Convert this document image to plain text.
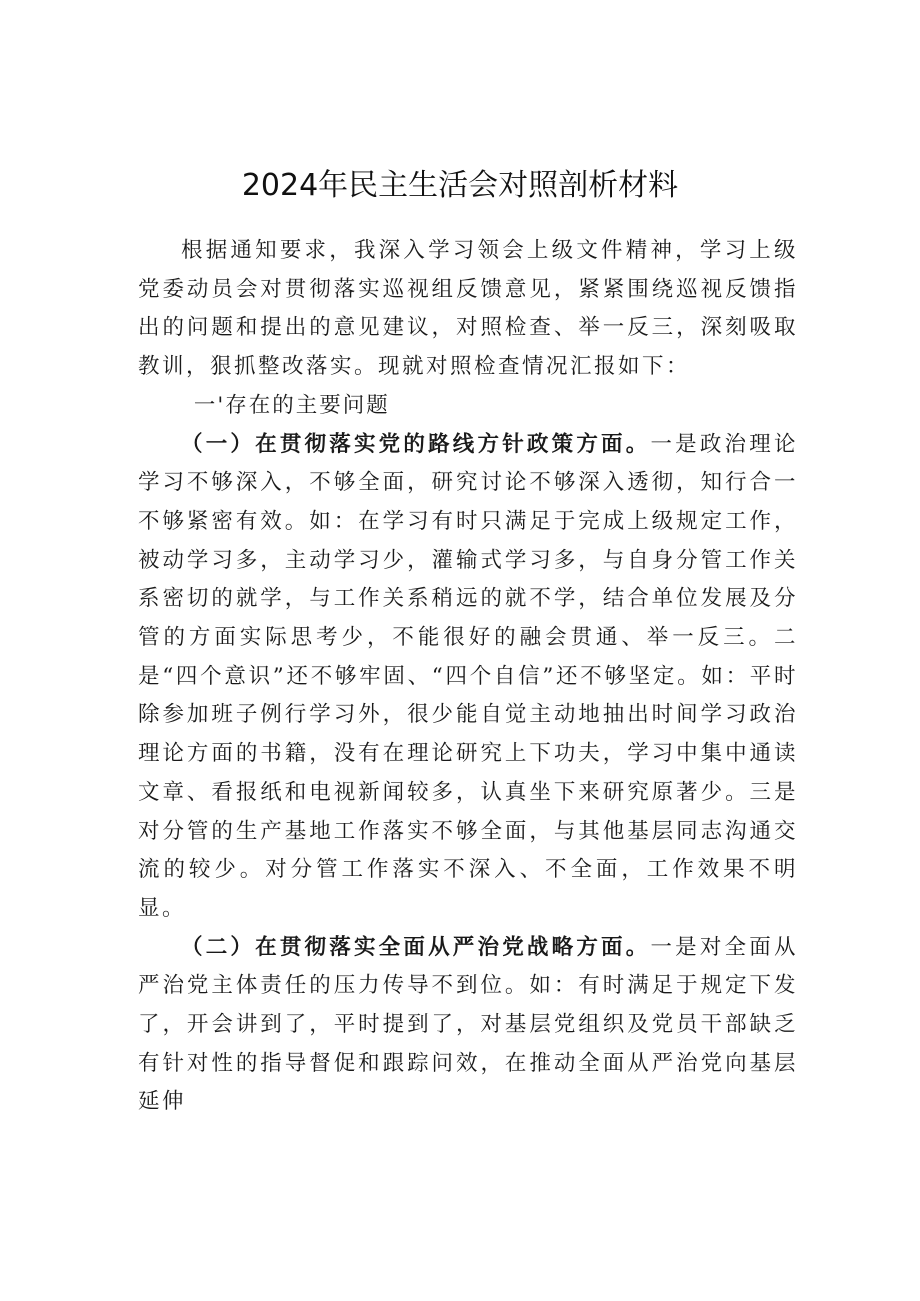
2024年民主生活会对照剖析材料

根据通知要求，我深入学习领会上级文件精神，学习上级党委动员会对贯彻落实巡视组反馈意见，紧紧围绕巡视反馈指出的问题和提出的意见建议，对照检查、举一反三，深刻吸取教训，狠抓整改落实。现就对照检查情况汇报如下：

一'存在的主要问题

（一）在贯彻落实党的路线方针政策方面。一是政治理论学习不够深入，不够全面，研究讨论不够深入透彻，知行合一不够紧密有效。如：在学习有时只满足于完成上级规定工作，被动学习多，主动学习少，灌输式学习多，与自身分管工作关系密切的就学，与工作关系稍远的就不学，结合单位发展及分管的方面实际思考少，不能很好的融会贯通、举一反三。二是“四个意识”还不够牢固、“四个自信”还不够坚定。如：平时除参加班子例行学习外，很少能自觉主动地抽出时间学习政治理论方面的书籍，没有在理论研究上下功夫，学习中集中通读文章、看报纸和电视新闻较多，认真坐下来研究原著少。三是对分管的生产基地工作落实不够全面，与其他基层同志沟通交流的较少。对分管工作落实不深入、不全面，工作效果不明显。

（二）在贯彻落实全面从严治党战略方面。一是对全面从严治党主体责任的压力传导不到位。如：有时满足于规定下发了，开会讲到了，平时提到了，对基层党组织及党员干部缺乏有针对性的指导督促和跟踪问效，在推动全面从严治党向基层延伸
